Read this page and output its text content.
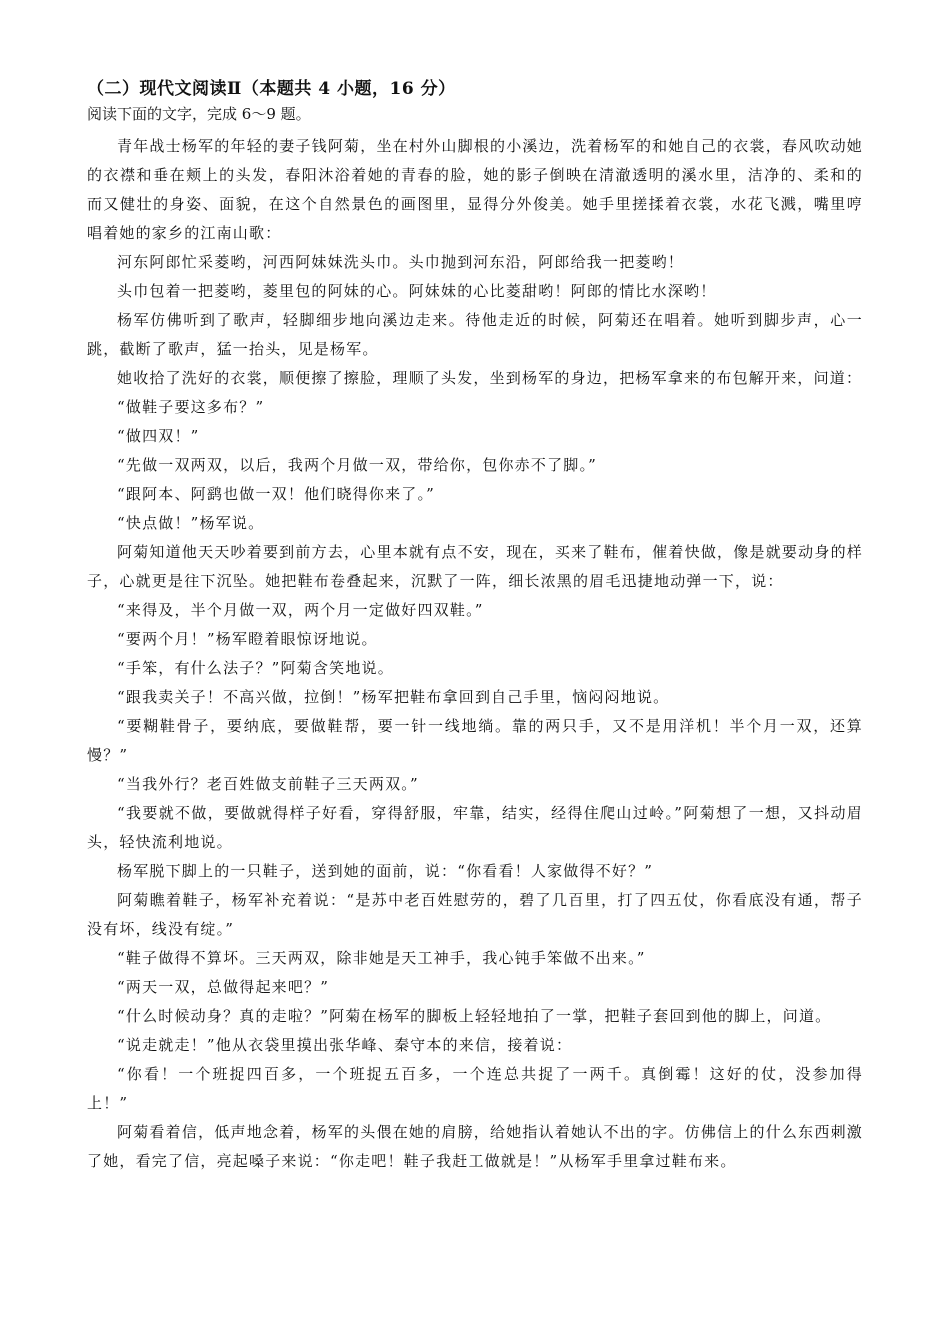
（二）现代文阅读Ⅱ（本题共 4 小题，16 分）
阅读下面的文字，完成 6～9 题。

青年战士杨军的年轻的妻子钱阿菊，坐在村外山脚根的小溪边，洗着杨军的和她自己的衣裳，春风吹动她的衣襟和垂在颊上的头发，春阳沐浴着她的青春的脸，她的影子倒映在清澈透明的溪水里，洁净的、柔和的而又健壮的身姿、面貌，在这个自然景色的画图里，显得分外俊美。她手里搓揉着衣裳，水花飞溅，嘴里哼唱着她的家乡的江南山歌：

河东阿郎忙采菱哟，河西阿妹妹洗头巾。头巾抛到河东沿，阿郎给我一把菱哟！

头巾包着一把菱哟，菱里包的阿妹的心。阿妹妹的心比菱甜哟！阿郎的情比水深哟！

杨军仿佛听到了歌声，轻脚细步地向溪边走来。待他走近的时候，阿菊还在唱着。她听到脚步声，心一跳，截断了歌声，猛一抬头，见是杨军。

她收拾了洗好的衣裳，顺便擦了擦脸，理顺了头发，坐到杨军的身边，把杨军拿来的布包解开来，问道：

“做鞋子要这多布？”

“做四双！”

“先做一双两双，以后，我两个月做一双，带给你，包你赤不了脚。”

“跟阿本、阿鹞也做一双！他们晓得你来了。”

“快点做！”杨军说。

阿菊知道他天天吵着要到前方去，心里本就有点不安，现在，买来了鞋布，催着快做，像是就要动身的样子，心就更是往下沉坠。她把鞋布卷叠起来，沉默了一阵，细长浓黑的眉毛迅捷地动弹一下，说：

“来得及，半个月做一双，两个月一定做好四双鞋。”

“要两个月！”杨军瞪着眼惊讶地说。

“手笨，有什么法子？”阿菊含笑地说。

“跟我卖关子！不高兴做，拉倒！”杨军把鞋布拿回到自己手里，恼闷闷地说。

“要糊鞋骨子，要纳底，要做鞋帮，要一针一线地绱。靠的两只手，又不是用洋机！半个月一双，还算慢？”

“当我外行？老百姓做支前鞋子三天两双。”

“我要就不做，要做就得样子好看，穿得舒服，牢靠，结实，经得住爬山过岭。”阿菊想了一想，又抖动眉头，轻快流利地说。

杨军脱下脚上的一只鞋子，送到她的面前，说：“你看看！人家做得不好？”

阿菊瞧着鞋子，杨军补充着说：“是苏中老百姓慰劳的，碧了几百里，打了四五仗，你看底没有通，帮子没有坏，线没有绽。”

“鞋子做得不算坏。三天两双，除非她是天工神手，我心钝手笨做不出来。”

“两天一双，总做得起来吧？”

“什么时候动身？真的走啦？”阿菊在杨军的脚板上轻轻地拍了一掌，把鞋子套回到他的脚上，问道。

“说走就走！”他从衣袋里摸出张华峰、秦守本的来信，接着说：

“你看！一个班捉四百多，一个班捉五百多，一个连总共捉了一两千。真倒霉！这好的仗，没参加得上！”

阿菊看着信，低声地念着，杨军的头偎在她的肩膀，给她指认着她认不出的字。仿佛信上的什么东西刺激了她，看完了信，亮起嗓子来说：“你走吧！鞋子我赶工做就是！”从杨军手里拿过鞋布来。
